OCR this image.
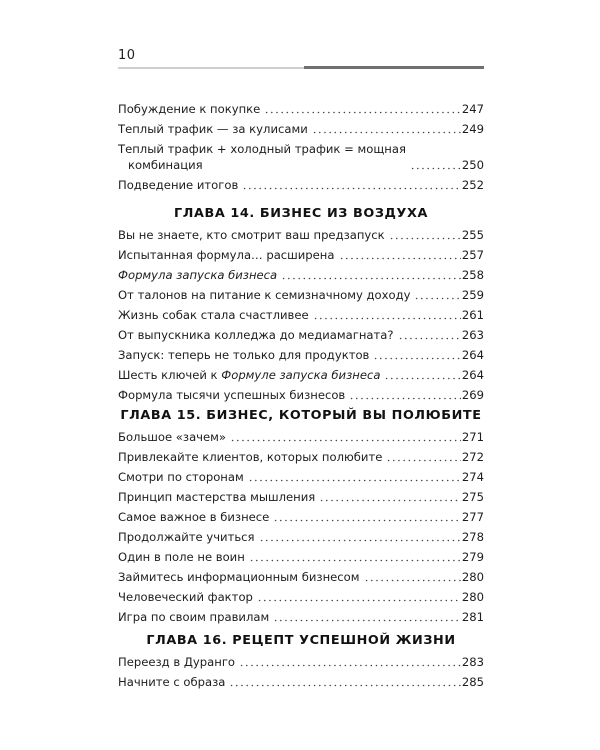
10
Побуждение к покупке	247
Теплый трафик — за кулисами	249
Теплый трафик + холодный трафик = мощная
комбинация	250
Подведение итогов	252
ГЛАВА 14. БИЗНЕС ИЗ ВОЗДУХА
Вы не знаете, кто смотрит ваш предзапуск	255
Испытанная формула… расширена	257
Формула запуска бизнеса	258
От талонов на питание к семизначному доходу	259
Жизнь собак стала счастливее	261
От выпускника колледжа до медиамагната?	263
Запуск: теперь не только для продуктов	264
Шесть ключей к Формуле запуска бизнеса	264
Формула тысячи успешных бизнесов	269
ГЛАВА 15. БИЗНЕС, КОТОРЫЙ ВЫ ПОЛЮБИТЕ
Большое «зачем»	271
Привлекайте клиентов, которых полюбите	272
Смотри по сторонам	274
Принцип мастерства мышления	275
Самое важное в бизнесе	277
Продолжайте учиться	278
Один в поле не воин	279
Займитесь информационным бизнесом	280
Человеческий фактор	280
Игра по своим правилам	281
ГЛАВА 16. РЕЦЕПТ УСПЕШНОЙ ЖИЗНИ
Переезд в Дуранго	283
Начните с образа	285
